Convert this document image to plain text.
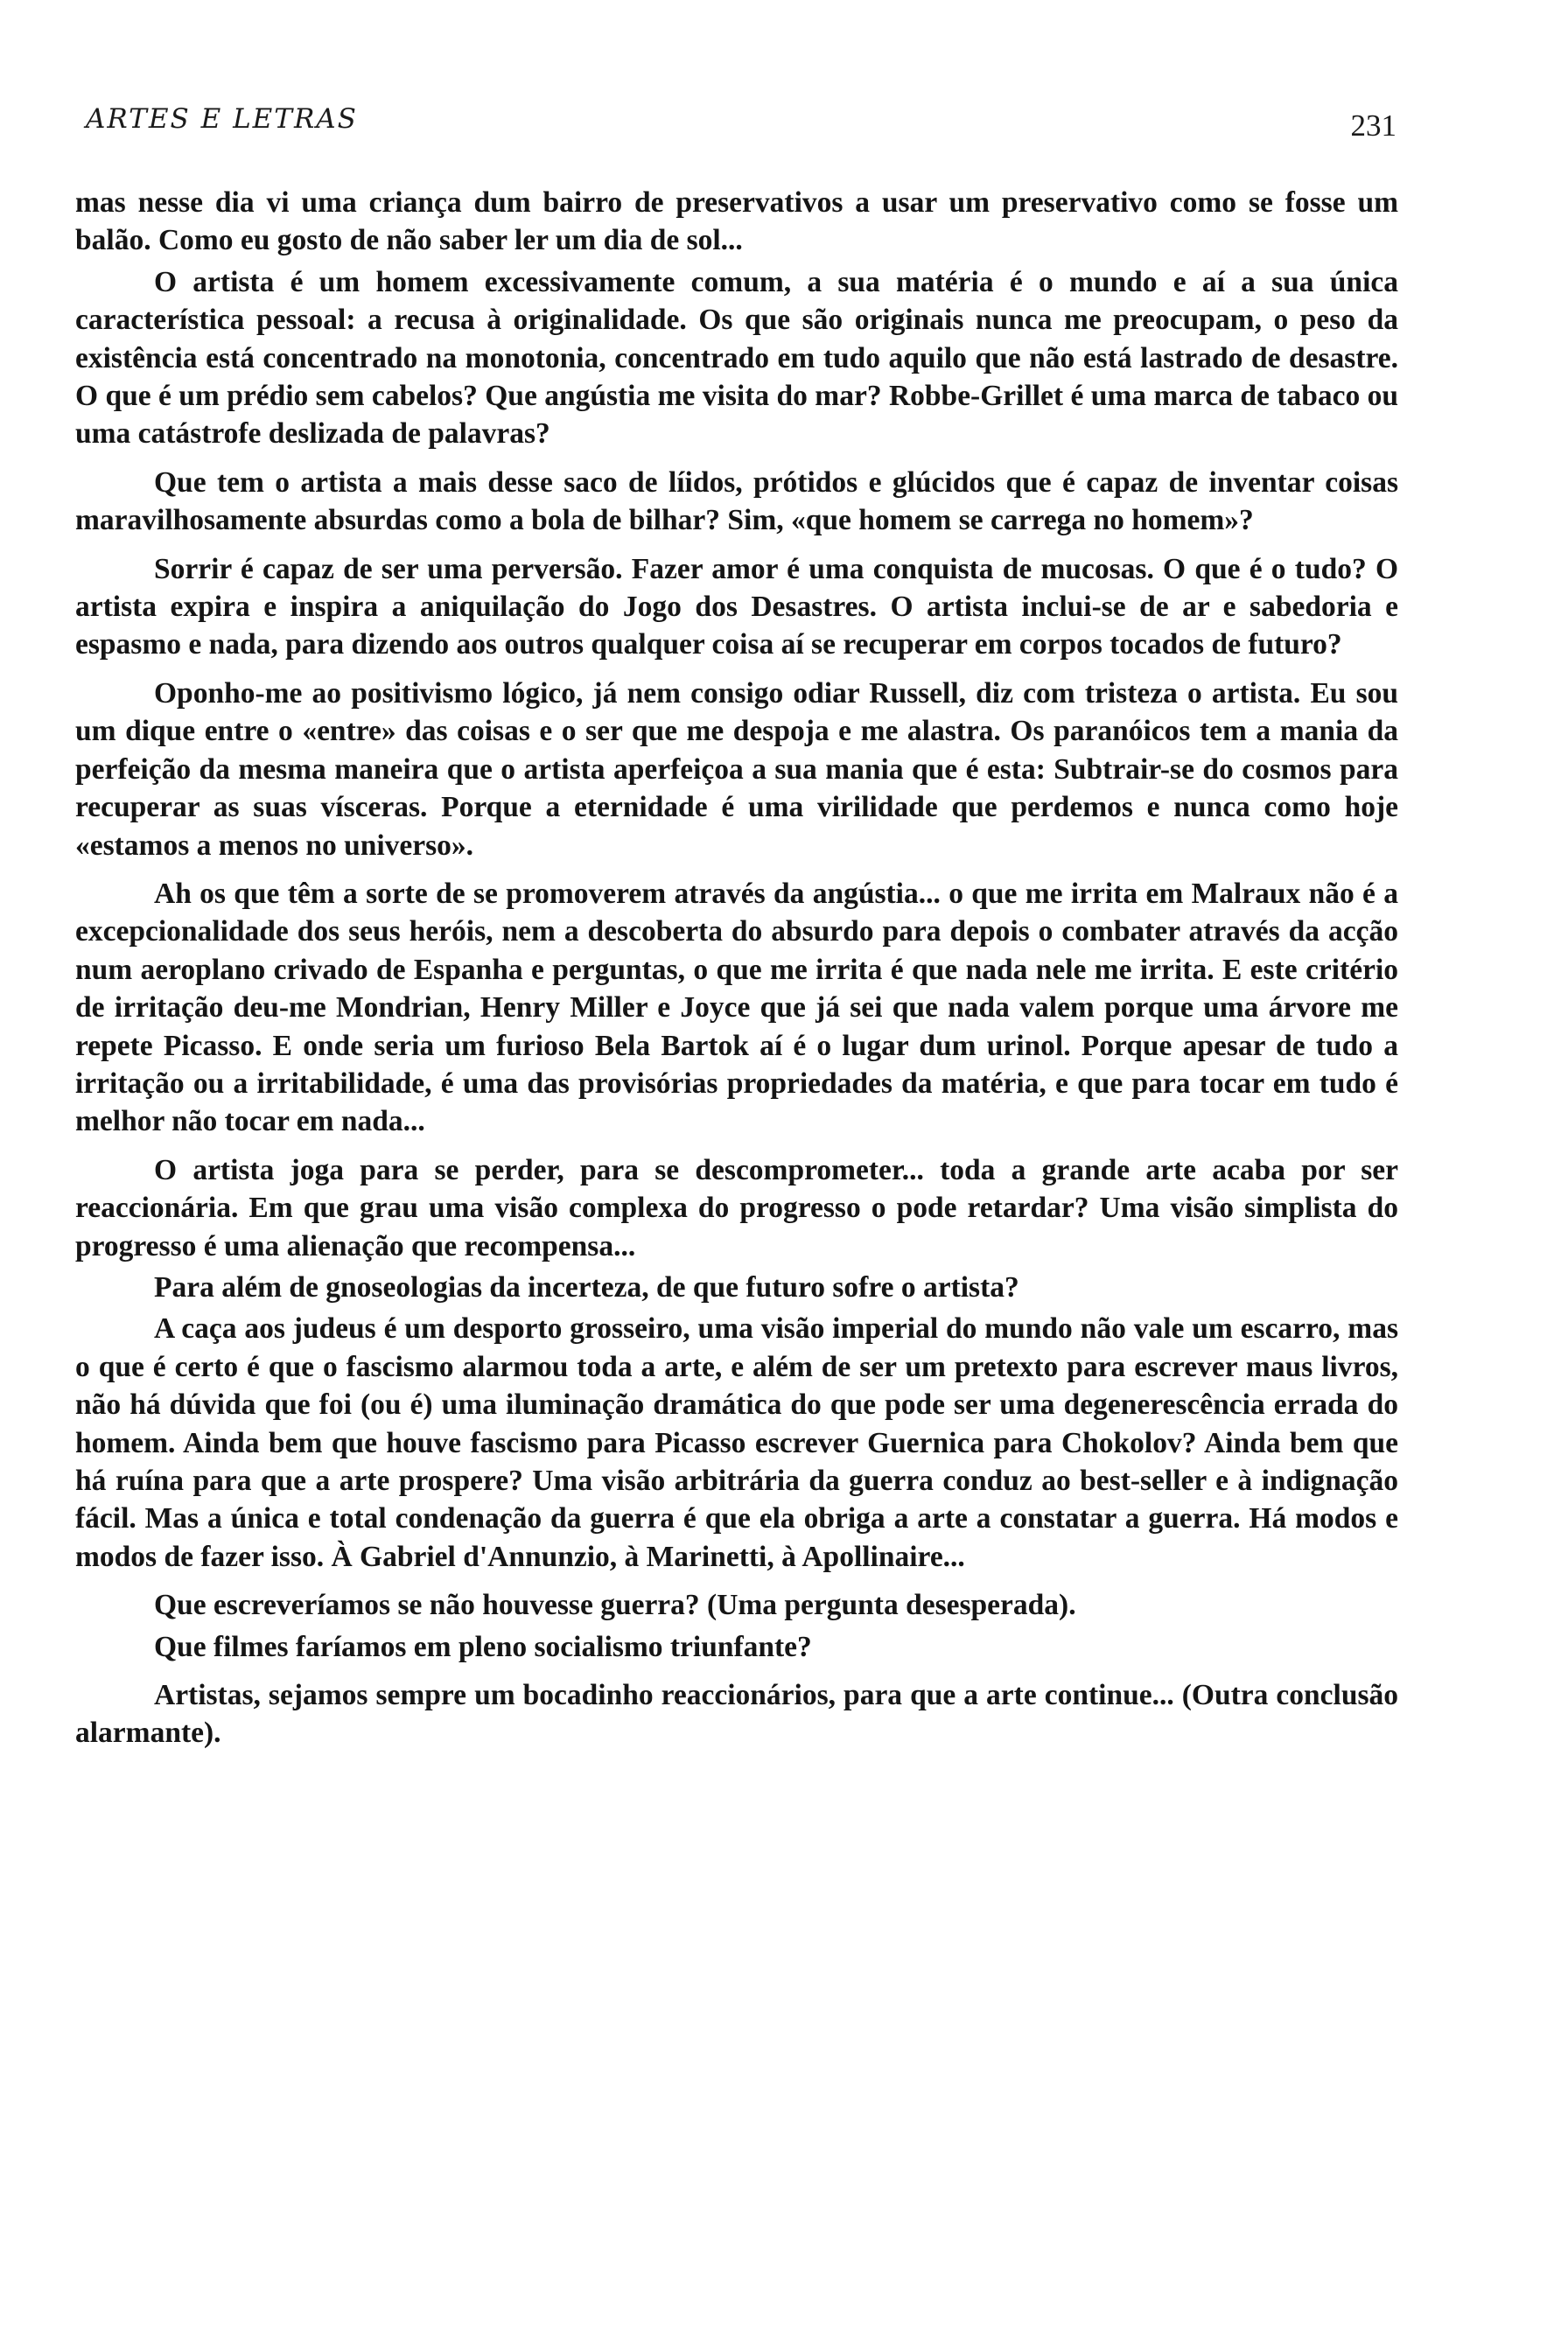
ARTES E LETRAS	231

mas nesse dia vi uma criança dum bairro de preservativos a usar um preservativo como se fosse um balão. Como eu gosto de não saber ler um dia de sol...

O artista é um homem excessivamente comum, a sua matéria é o mundo e aí a sua única característica pessoal: a recusa à originalidade. Os que são originais nunca me preocupam, o peso da existência está concentrado na monotonia, concentrado em tudo aquilo que não está lastrado de desastre. O que é um prédio sem cabelos? Que angústia me visita do mar? Robbe-Grillet é uma marca de tabaco ou uma catástrofe deslizada de palavras?

Que tem o artista a mais desse saco de líidos, prótidos e glúcidos que é capaz de inventar coisas maravilhosamente absurdas como a bola de bilhar? Sim, «que homem se carrega no homem»?

Sorrir é capaz de ser uma perversão. Fazer amor é uma conquista de mucosas. O que é o tudo? O artista expira e inspira a aniquilação do Jogo dos Desastres. O artista inclui-se de ar e sabedoria e espasmo e nada, para dizendo aos outros qualquer coisa aí se recuperar em corpos tocados de futuro?

Oponho-me ao positivismo lógico, já nem consigo odiar Russell, diz com tristeza o artista. Eu sou um dique entre o «entre» das coisas e o ser que me despoja e me alastra. Os paranóicos tem a mania da perfeição da mesma maneira que o artista aperfeiçoa a sua mania que é esta: Subtrair-se do cosmos para recuperar as suas vísceras. Porque a eternidade é uma virilidade que perdemos e nunca como hoje «estamos a menos no universo».

Ah os que têm a sorte de se promoverem através da angústia... o que me irrita em Malraux não é a excepcionalidade dos seus heróis, nem a descoberta do absurdo para depois o combater através da acção num aeroplano crivado de Espanha e perguntas, o que me irrita é que nada nele me irrita. E este critério de irritação deu-me Mondrian, Henry Miller e Joyce que já sei que nada valem porque uma árvore me repete Picasso. E onde seria um furioso Bela Bartok aí é o lugar dum urinol. Porque apesar de tudo a irritação ou a irritabilidade, é uma das provisórias propriedades da matéria, e que para tocar em tudo é melhor não tocar em nada...

O artista joga para se perder, para se descomprometer... toda a grande arte acaba por ser reaccionária. Em que grau uma visão complexa do progresso o pode retardar? Uma visão simplista do progresso é uma alienação que recompensa...

Para além de gnoseologias da incerteza, de que futuro sofre o artista?

A caça aos judeus é um desporto grosseiro, uma visão imperial do mundo não vale um escarro, mas o que é certo é que o fascismo alarmou toda a arte, e além de ser um pretexto para escrever maus livros, não há dúvida que foi (ou é) uma iluminação dramática do que pode ser uma degenerescência errada do homem. Ainda bem que houve fascismo para Picasso escrever Guernica para Chokolov? Ainda bem que há ruína para que a arte prospere? Uma visão arbitrária da guerra conduz ao best-seller e à indignação fácil. Mas a única e total condenação da guerra é que ela obriga a arte a constatar a guerra. Há modos e modos de fazer isso. À Gabriel d'Annunzio, à Marinetti, à Apollinaire...

Que escreveríamos se não houvesse guerra? (Uma pergunta desesperada).

Que filmes faríamos em pleno socialismo triunfante?

Artistas, sejamos sempre um bocadinho reaccionários, para que a arte continue... (Outra conclusão alarmante).
